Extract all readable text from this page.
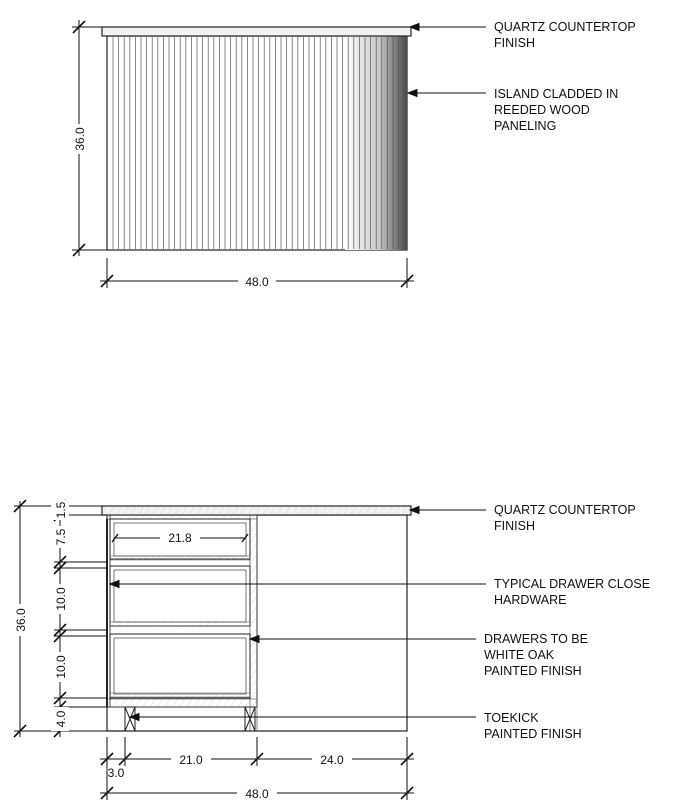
QUARTZ COUNTERTOP FINISH
ISLAND CLADDED IN REEDED WOOD PANELING
36.0
48.0
21.8
QUARTZ COUNTERTOP FINISH
TYPICAL DRAWER CLOSE HARDWARE
DRAWERS TO BE WHITE OAK PAINTED FINISH
TOEKICK PAINTED FINISH
36.0
1.5
7.5
10.0
10.0
4.0
21.0	24.0
3.0
48.0
